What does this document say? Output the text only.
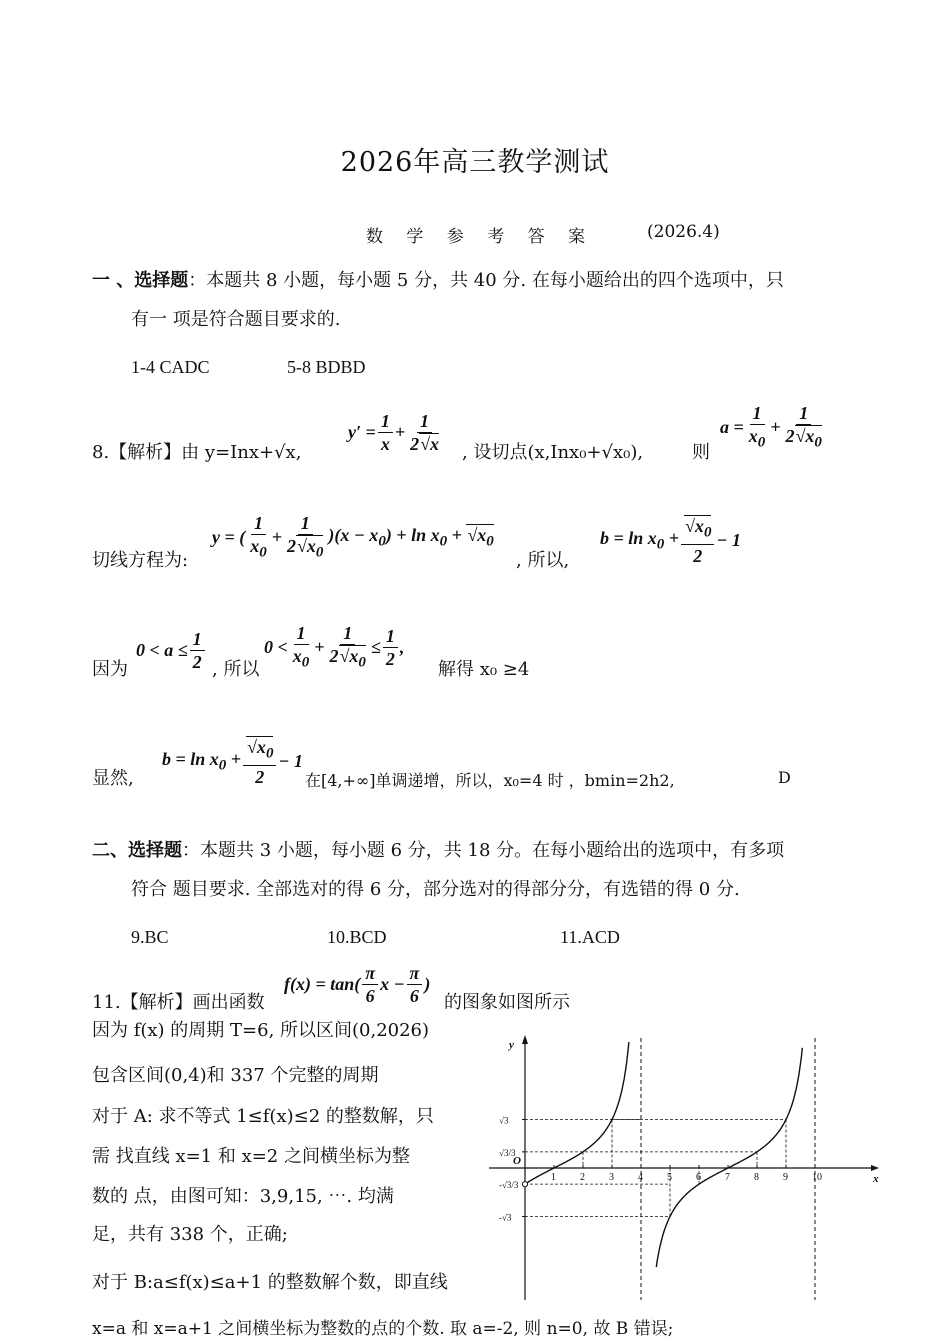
2026年高三教学测试
数 学 参 考 答 案	(2026.4)
一 、选择题：本题共 8 小题，每小题 5 分，共 40 分. 在每小题给出的四个选项中，只
有一 项是符合题目要求的.
1-4 CADC	5-8 BDBD
8.【解析】由 y=Inx+√x,
$y' = \frac{1}{x} + \frac{1}{2√x}$ , 设切点(x,Inx₀+√x₀),	则
$a = \frac{1}{x_0} + \frac{1}{2√x_0}$
切线方程为:
y = ( $\frac{1}{x_0} + \frac{1}{2√x_0} )(x - x_0) + \ln x_0 + √x_0$
, 所以,
$b = \ln x_0 + \frac{√x_0}{2} - 1$
因为
$0 < a \le \frac{1}{2}$ , 所以
$0 < \frac{1}{x_0} + \frac{1}{2√x_0} \le \frac{1}{2}$ ,
解得 x₀ ≥4
显然,
$b = \ln x_0 + \frac{√x_0}{2} - 1$
在[4,+∞]单调递增，所以，x₀=4 时 ，bmin=2h2,	D
二、选择题：本题共 3 小题，每小题 6 分，共 18 分。在每小题给出的选项中，有多项
符合 题目要求. 全部选对的得 6 分，部分选对的得部分分，有选错的得 0 分.
9.BC	10.BCD	11.ACD
11.【解析】画出函数
$f(x) = \tan( \frac{\pi}{6}$ $x - \frac{\pi}{6}$ )
的图象如图所示
因为 f(x) 的周期 T=6, 所以区间(0,2026)
包含区间(0,4)和 337 个完整的周期
对于 A: 求不等式 1≤f(x)≤2 的整数解，只
需 找直线 x=1 和 x=2 之间横坐标为整
数的 点，由图可知：3,9,15, ⋯. 均满
足，共有 338 个，正确;
对于 B:a≤f(x)≤a+1 的整数解个数，即直线
x=a 和 x=a+1 之间横坐标为整数的点的个数. 取 a=-2, 则 n=0, 故 B 错误;
x
y
O
1 2 3 4 5 6 7 8 9 10
√3
√3/3
-√3/3
-√3
